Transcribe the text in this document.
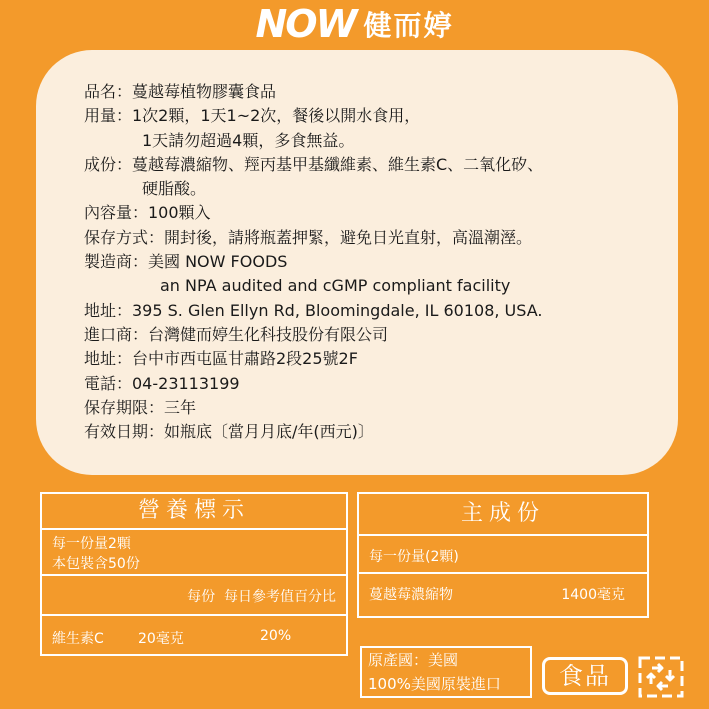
NOW 健而婷
品名：蔓越莓植物膠囊食品
用量：1次2顆，1天1~2次，餐後以開水食用，
1天請勿超過4顆，多食無益。
成份：蔓越莓濃縮物、羥丙基甲基纖維素、維生素C、二氧化矽、
硬脂酸。
內容量：100顆入
保存方式：開封後，請將瓶蓋押緊，避免日光直射，高溫潮溼。
製造商：美國 NOW FOODS
an NPA audited and cGMP compliant facility
地址：395 S. Glen Ellyn Rd, Bloomingdale, IL 60108, USA.
進口商：台灣健而婷生化科技股份有限公司
地址：台中市西屯區甘肅路2段25號2F
電話：04-23113199
保存期限：三年
有效日期：如瓶底〔當月月底/年(西元)〕
營養標示
每一份量2顆
本包裝含50份
每份  每日參考值百分比
維生素C 20毫克	20%
主成份
每一份量(2顆)
蔓越莓濃縮物	1400毫克
原產國：美國
100%美國原裝進口	食品
